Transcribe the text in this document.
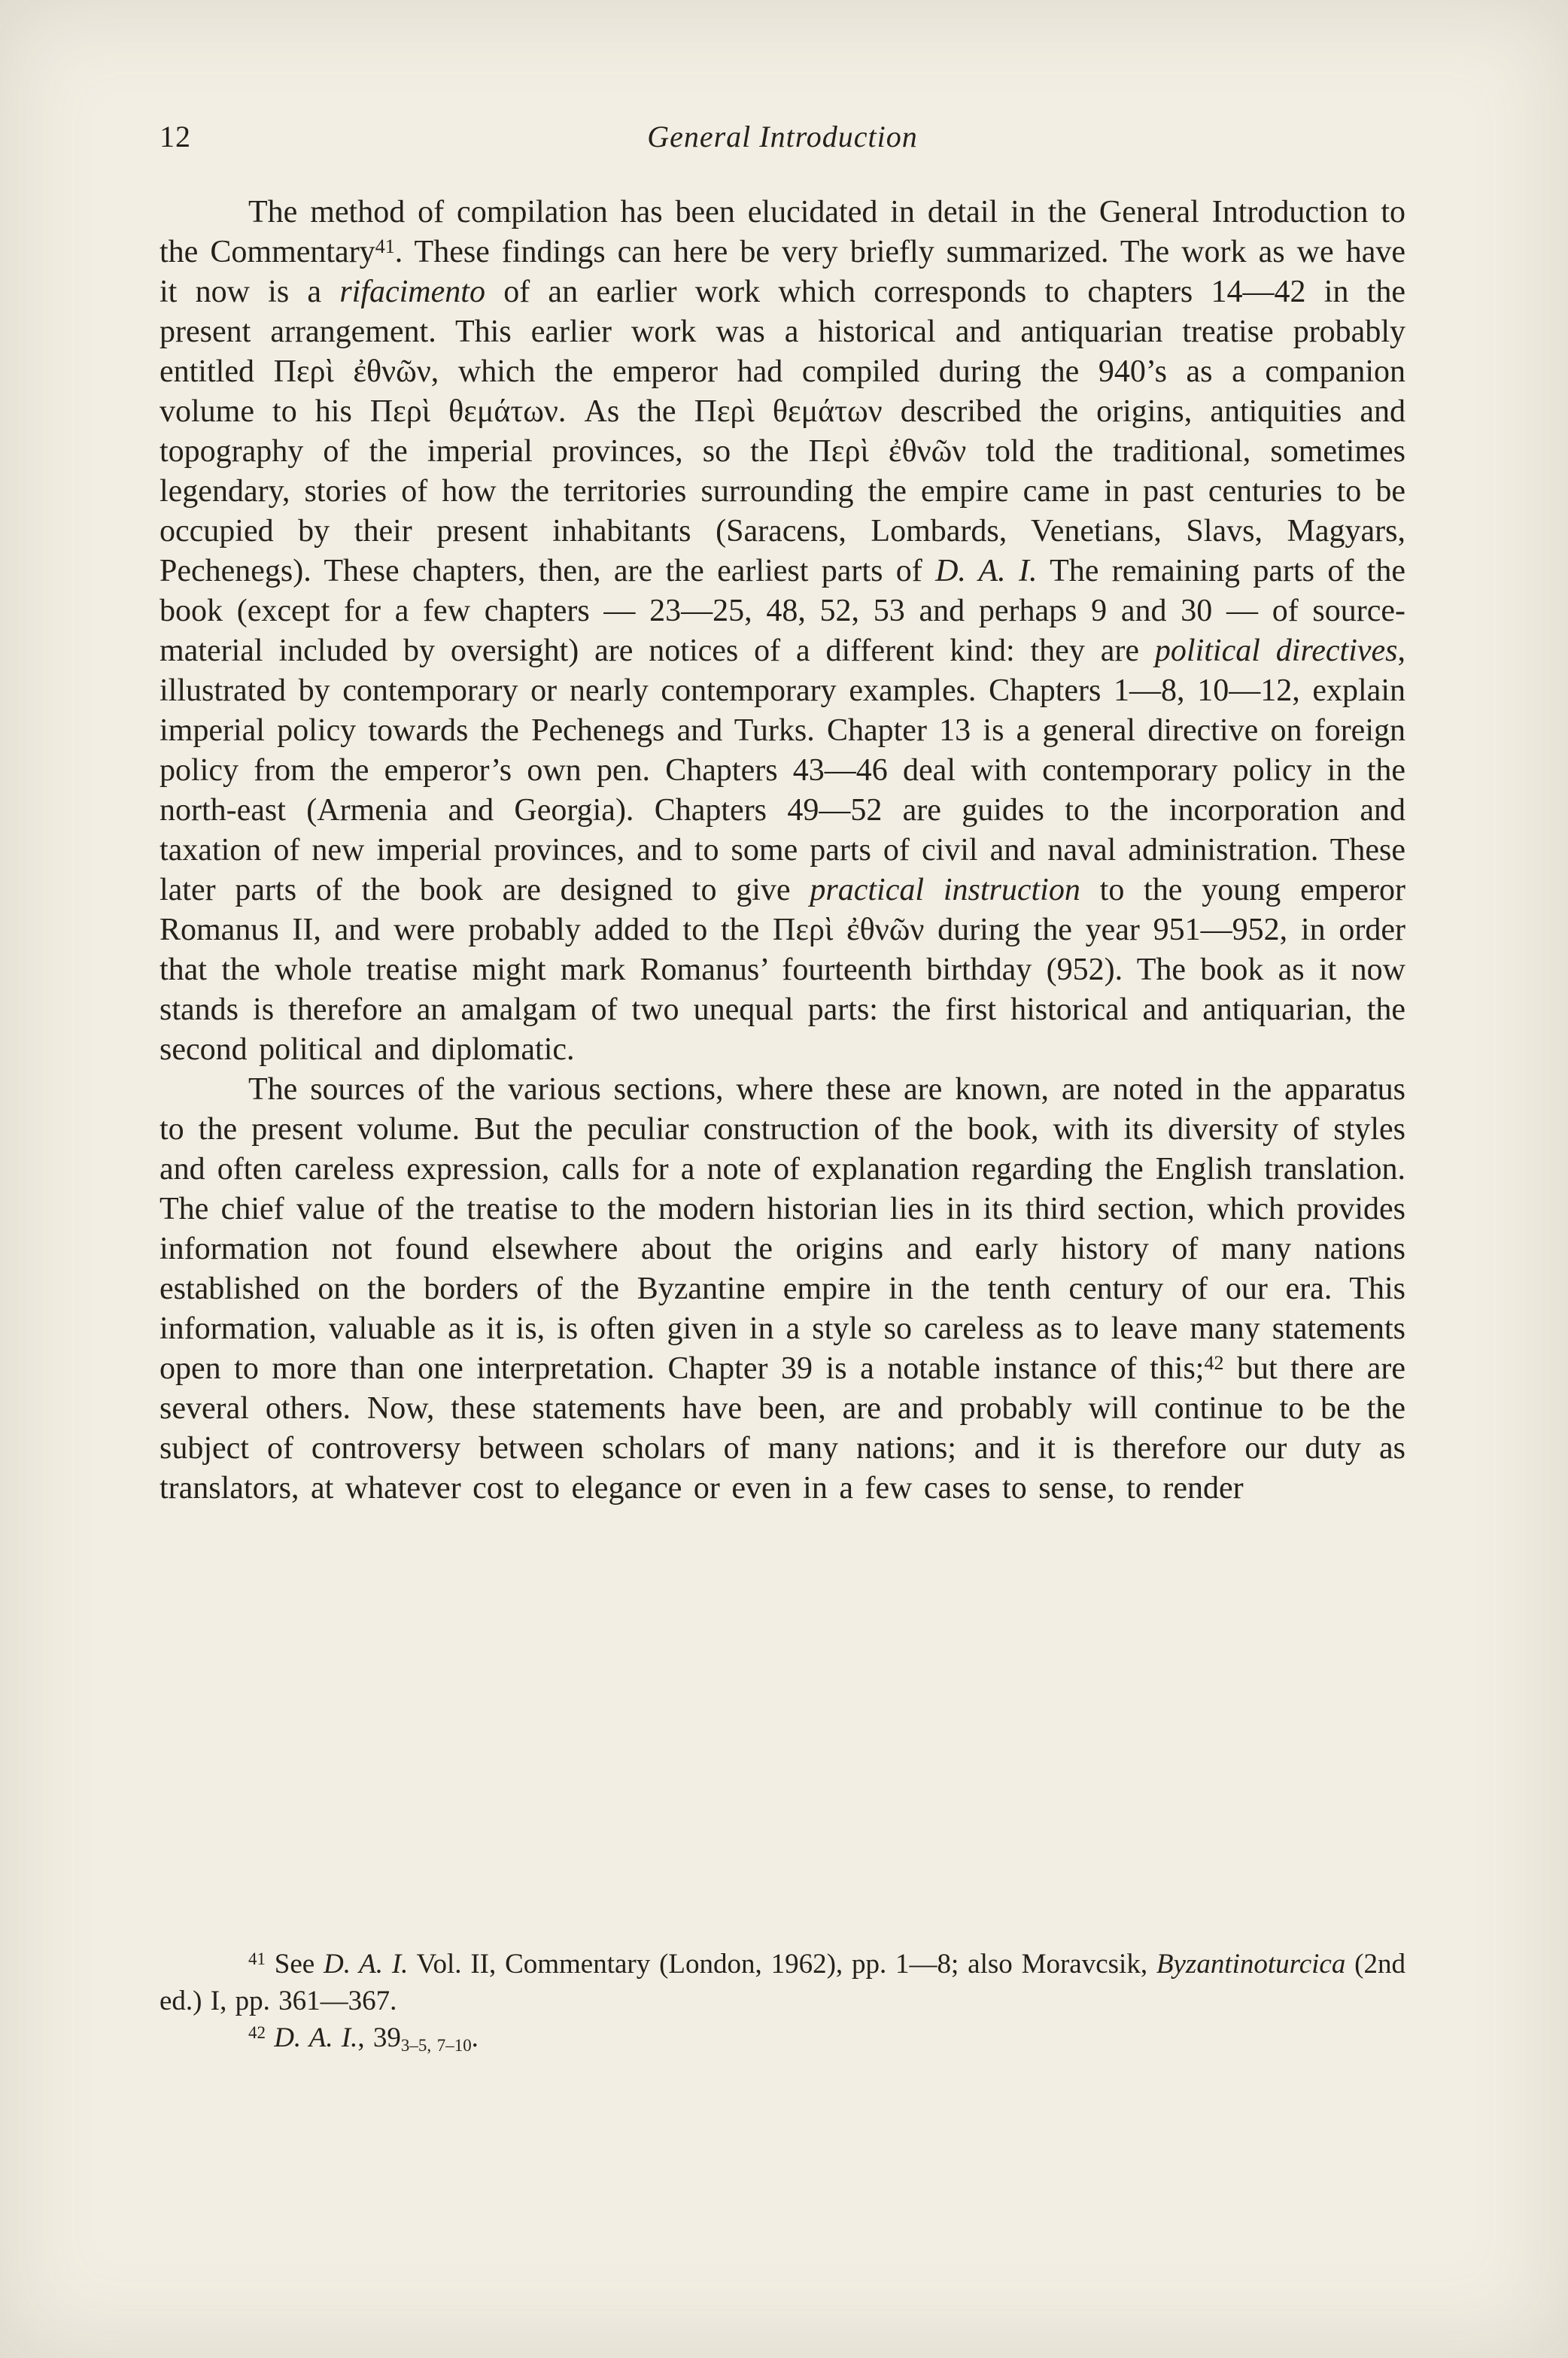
12	General Introduction

The method of compilation has been elucidated in detail in the General Introduction to the Commentary$^{41}$. These findings can here be very briefly summarized. The work as we have it now is a rifacimento of an earlier work which corresponds to chapters 14—42 in the present arrangement. This earlier work was a historical and antiquarian treatise probably entitled Περὶ ἐθνῶν, which the emperor had compiled during the 940’s as a companion volume to his Περὶ θεμάτων. As the Περὶ θεμάτων described the origins, antiquities and topography of the imperial provinces, so the Περὶ ἐθνῶν told the traditional, sometimes legendary, stories of how the territories surrounding the empire came in past centuries to be occupied by their present inhabitants (Saracens, Lombards, Venetians, Slavs, Magyars, Pechenegs). These chapters, then, are the earliest parts of D. A. I. The remaining parts of the book (except for a few chapters — 23—25, 48, 52, 53 and perhaps 9 and 30 — of source-material included by oversight) are notices of a different kind: they are political directives, illustrated by contemporary or nearly contemporary examples. Chapters 1—8, 10—12, explain imperial policy towards the Pechenegs and Turks. Chapter 13 is a general directive on foreign policy from the emperor’s own pen. Chapters 43—46 deal with contemporary policy in the north-east (Armenia and Georgia). Chapters 49—52 are guides to the incorporation and taxation of new imperial provinces, and to some parts of civil and naval administration. These later parts of the book are designed to give practical instruction to the young emperor Romanus II, and were probably added to the Περὶ ἐθνῶν during the year 951—952, in order that the whole treatise might mark Romanus’ fourteenth birthday (952). The book as it now stands is therefore an amalgam of two unequal parts: the first historical and antiquarian, the second political and diplomatic.

The sources of the various sections, where these are known, are noted in the apparatus to the present volume. But the peculiar construction of the book, with its diversity of styles and often careless expression, calls for a note of explanation regarding the English translation. The chief value of the treatise to the modern historian lies in its third section, which provides information not found elsewhere about the origins and early history of many nations established on the borders of the Byzantine empire in the tenth century of our era. This information, valuable as it is, is often given in a style so careless as to leave many statements open to more than one interpretation. Chapter 39 is a notable instance of this;$^{42}$ but there are several others. Now, these statements have been, are and probably will continue to be the subject of controversy between scholars of many nations; and it is therefore our duty as translators, at whatever cost to elegance or even in a few cases to sense, to render

$^{41}$ See D. A. I. Vol. II, Commentary (London, 1962), pp. 1—8; also Moravcsik, Byzantinoturcica (2nd ed.) I, pp. 361—367.

$^{42}$ D. A. I., $39_{3-5, 7-10}$.
